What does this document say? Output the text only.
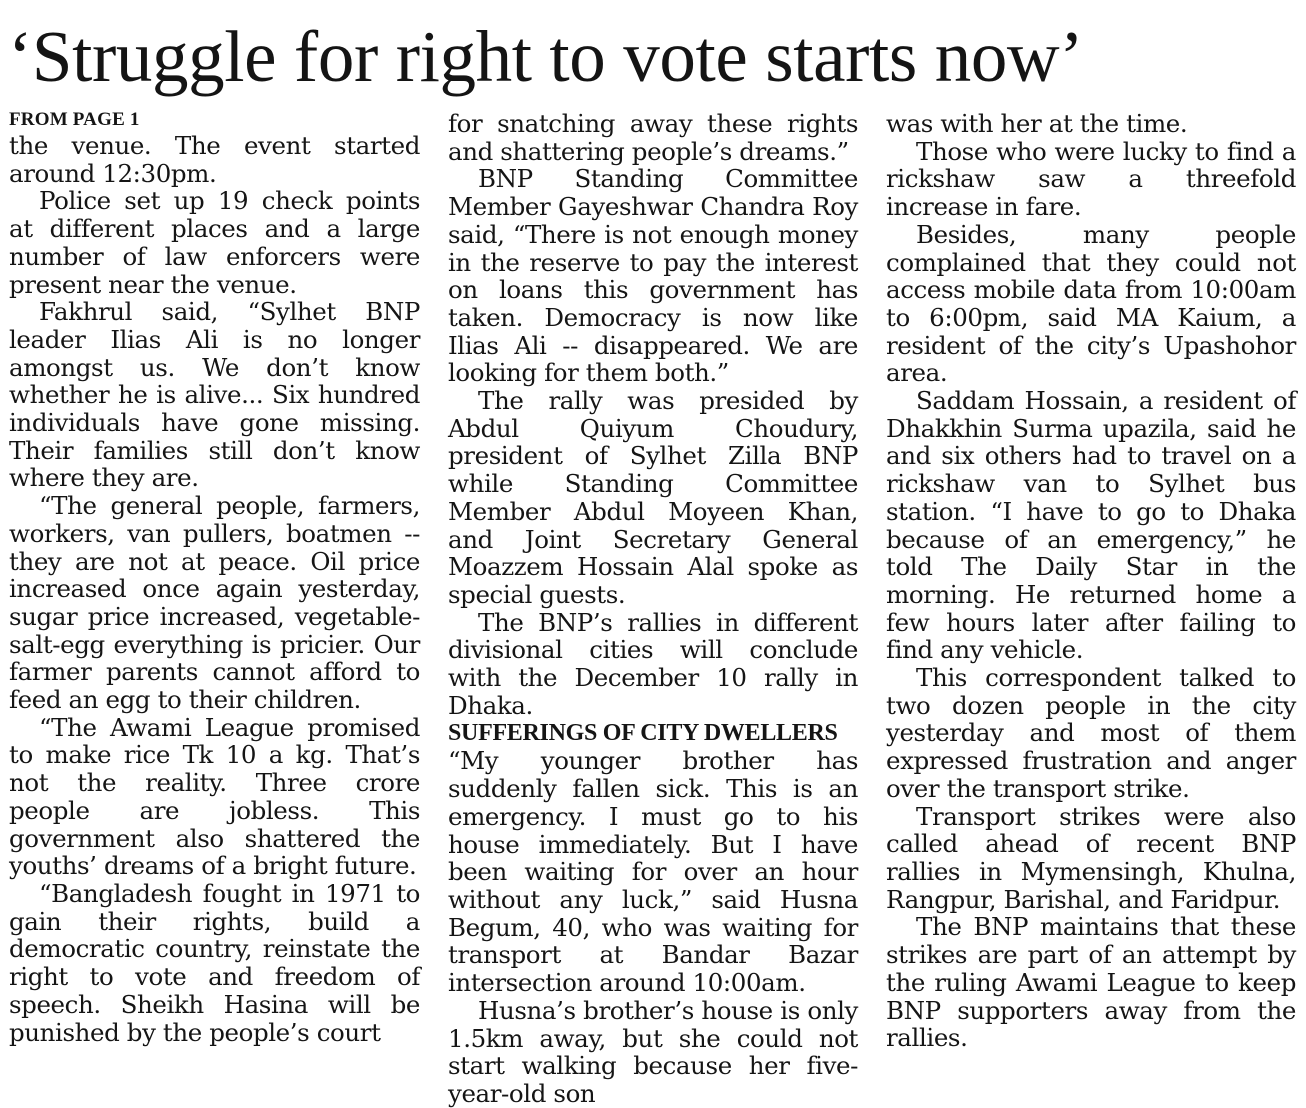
‘Struggle for right to vote starts now’
FROM PAGE 1

the venue. The event started around 12:30pm.

Police set up 19 check points at different places and a large number of law enforcers were present near the venue.

Fakhrul said, “Sylhet BNP leader Ilias Ali is no longer amongst us. We don’t know whether he is alive... Six hundred individuals have gone missing. Their families still don’t know where they are.

“The general people, farmers, workers, van pullers, boatmen -- they are not at peace. Oil price increased once again yesterday, sugar price increased, vegetable-salt-egg everything is pricier. Our farmer parents cannot afford to feed an egg to their children.

“The Awami League promised to make rice Tk 10 a kg. That’s not the reality. Three crore people are jobless. This government also shattered the youths’ dreams of a bright future.

“Bangladesh fought in 1971 to gain their rights, build a democratic country, reinstate the right to vote and freedom of speech. Sheikh Hasina will be punished by the people’s court

for snatching away these rights and shattering people’s dreams.”

BNP Standing Committee Member Gayeshwar Chandra Roy said, “There is not enough money in the reserve to pay the interest on loans this government has taken. Democracy is now like Ilias Ali -- disappeared. We are looking for them both.”

The rally was presided by Abdul Quiyum Choudury, president of Sylhet Zilla BNP while Standing Committee Member Abdul Moyeen Khan, and Joint Secretary General Moazzem Hossain Alal spoke as special guests.

The BNP’s rallies in different divisional cities will conclude with the December 10 rally in Dhaka.

SUFFERINGS OF CITY DWELLERS

“My younger brother has suddenly fallen sick. This is an emergency. I must go to his house immediately. But I have been waiting for over an hour without any luck,” said Husna Begum, 40, who was waiting for transport at Bandar Bazar intersection around 10:00am.

Husna’s brother’s house is only 1.5km away, but she could not start walking because her five-year-old son

was with her at the time.

Those who were lucky to find a rickshaw saw a threefold increase in fare.

Besides, many people complained that they could not access mobile data from 10:00am to 6:00pm, said MA Kaium, a resident of the city’s Upashohor area.

Saddam Hossain, a resident of Dhakkhin Surma upazila, said he and six others had to travel on a rickshaw van to Sylhet bus station. “I have to go to Dhaka because of an emergency,” he told The Daily Star in the morning. He returned home a few hours later after failing to find any vehicle.

This correspondent talked to two dozen people in the city yesterday and most of them expressed frustration and anger over the transport strike.

Transport strikes were also called ahead of recent BNP rallies in Mymensingh, Khulna, Rangpur, Barishal, and Faridpur.

The BNP maintains that these strikes are part of an attempt by the ruling Awami League to keep BNP supporters away from the rallies.
